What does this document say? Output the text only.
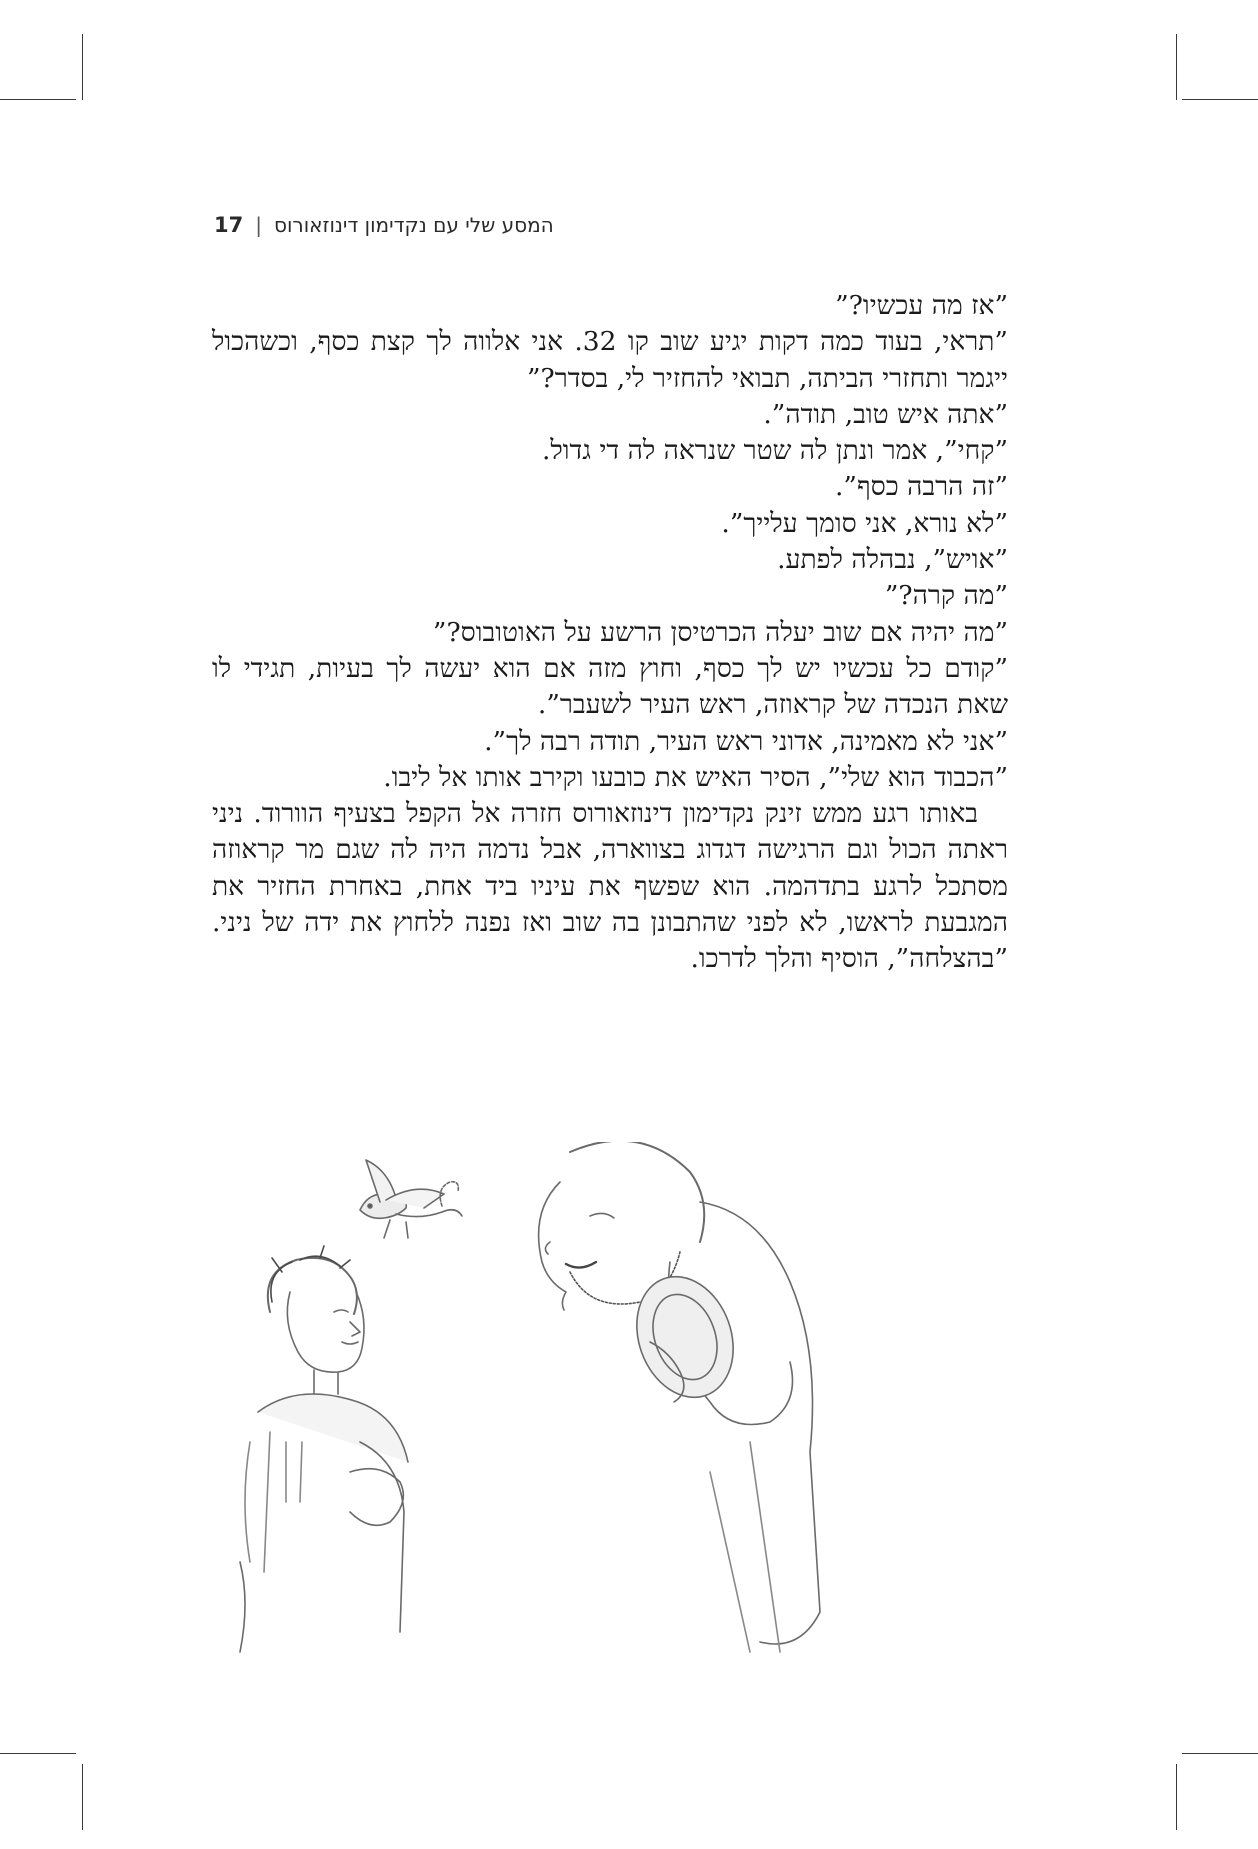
17 | המסע שלי עם נקדימון דינוזאורוס

”אז מה עכשיו?”

”תראי, בעוד כמה דקות יגיע שוב קו 32. אני אלווה לך קצת כסף, וכשהכול ייגמר ותחזרי הביתה, תבואי להחזיר לי, בסדר?”

”אתה איש טוב, תודה”.

”קחי”, אמר ונתן לה שטר שנראה לה די גדול.

”זה הרבה כסף”.

”לא נורא, אני סומך עלייך”.

”אויש”, נבהלה לפתע.

”מה קרה?”

”מה יהיה אם שוב יעלה הכרטיסן הרשע על האוטובוס?”

”קודם כל עכשיו יש לך כסף, וחוץ מזה אם הוא יעשה לך בעיות, תגידי לו שאת הנכדה של קראוזה, ראש העיר לשעבר”.

”אני לא מאמינה, אדוני ראש העיר, תודה רבה לך”.

”הכבוד הוא שלי”, הסיר האיש את כובעו וקירב אותו אל ליבו.

באותו רגע ממש זינק נקדימון דינוזאורוס חזרה אל הקפל בצעיף הוורוד. ניני ראתה הכול וגם הרגישה דגדוג בצוואר‎ה, אבל נדמה היה לה שגם מר קראוזה מסתכל לרגע בתדהמה. הוא שפשף את עיניו ביד אחת, באחרת החזיר את המגבעת לראשו, לא לפני שהתבונן בה שוב ואז נפנה ללחוץ את ידה של ניני. ”בהצלחה”, הוסיף והלך לדרכו.
